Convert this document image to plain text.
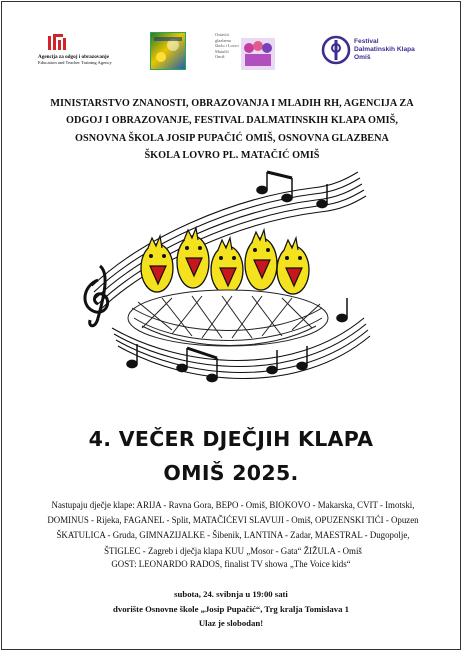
Agencija za odgoj i obrazovanje
Education and Teacher Training Agency
Ostaviti glazbenu školu i Lovro Matačić Omiš
Festival Dalmatinskih Klapa Omiš
MINISTARSTVO ZNANOSTI, OBRAZOVANJA I MLADIH RH, AGENCIJA ZA
ODGOJ I OBRAZOVANJE, FESTIVAL DALMATINSKIH KLAPA OMIŠ,
OSNOVNA ŠKOLA JOSIP PUPAČIĆ OMIŠ, OSNOVNA GLAZBENA
ŠKOLA LOVRO PL. MATAČIĆ OMIŠ
4. VEČER DJEČJIH KLAPA
OMIŠ 2025.
Nastupaju dječje klape: ARIJA - Ravna Gora, BEPO - Omiš, BIOKOVO - Makarska, CVIT - Imotski,
DOMINUS - Rijeka, FAGANEL - Split, MATAČIĆEVI SLAVUJI - Omiš, OPUZENSKI TIĆI - Opuzen
ŠKATULICA - Gruda, GIMNAZIJALKE - Šibenik, LANTINA - Zadar, MAESTRAL - Dugopolje,
ŠTIGLEC - Zagreb i dječja klapa KUU „Mosor - Gata“ ŽIŽULA - Omiš
GOST: LEONARDO RADOS, finalist TV showa „The Voice kids“
subota, 24. svibnja u 19:00 sati
dvorište Osnovne škole „Josip Pupačić“, Trg kralja Tomislava 1
Ulaz je slobodan!
